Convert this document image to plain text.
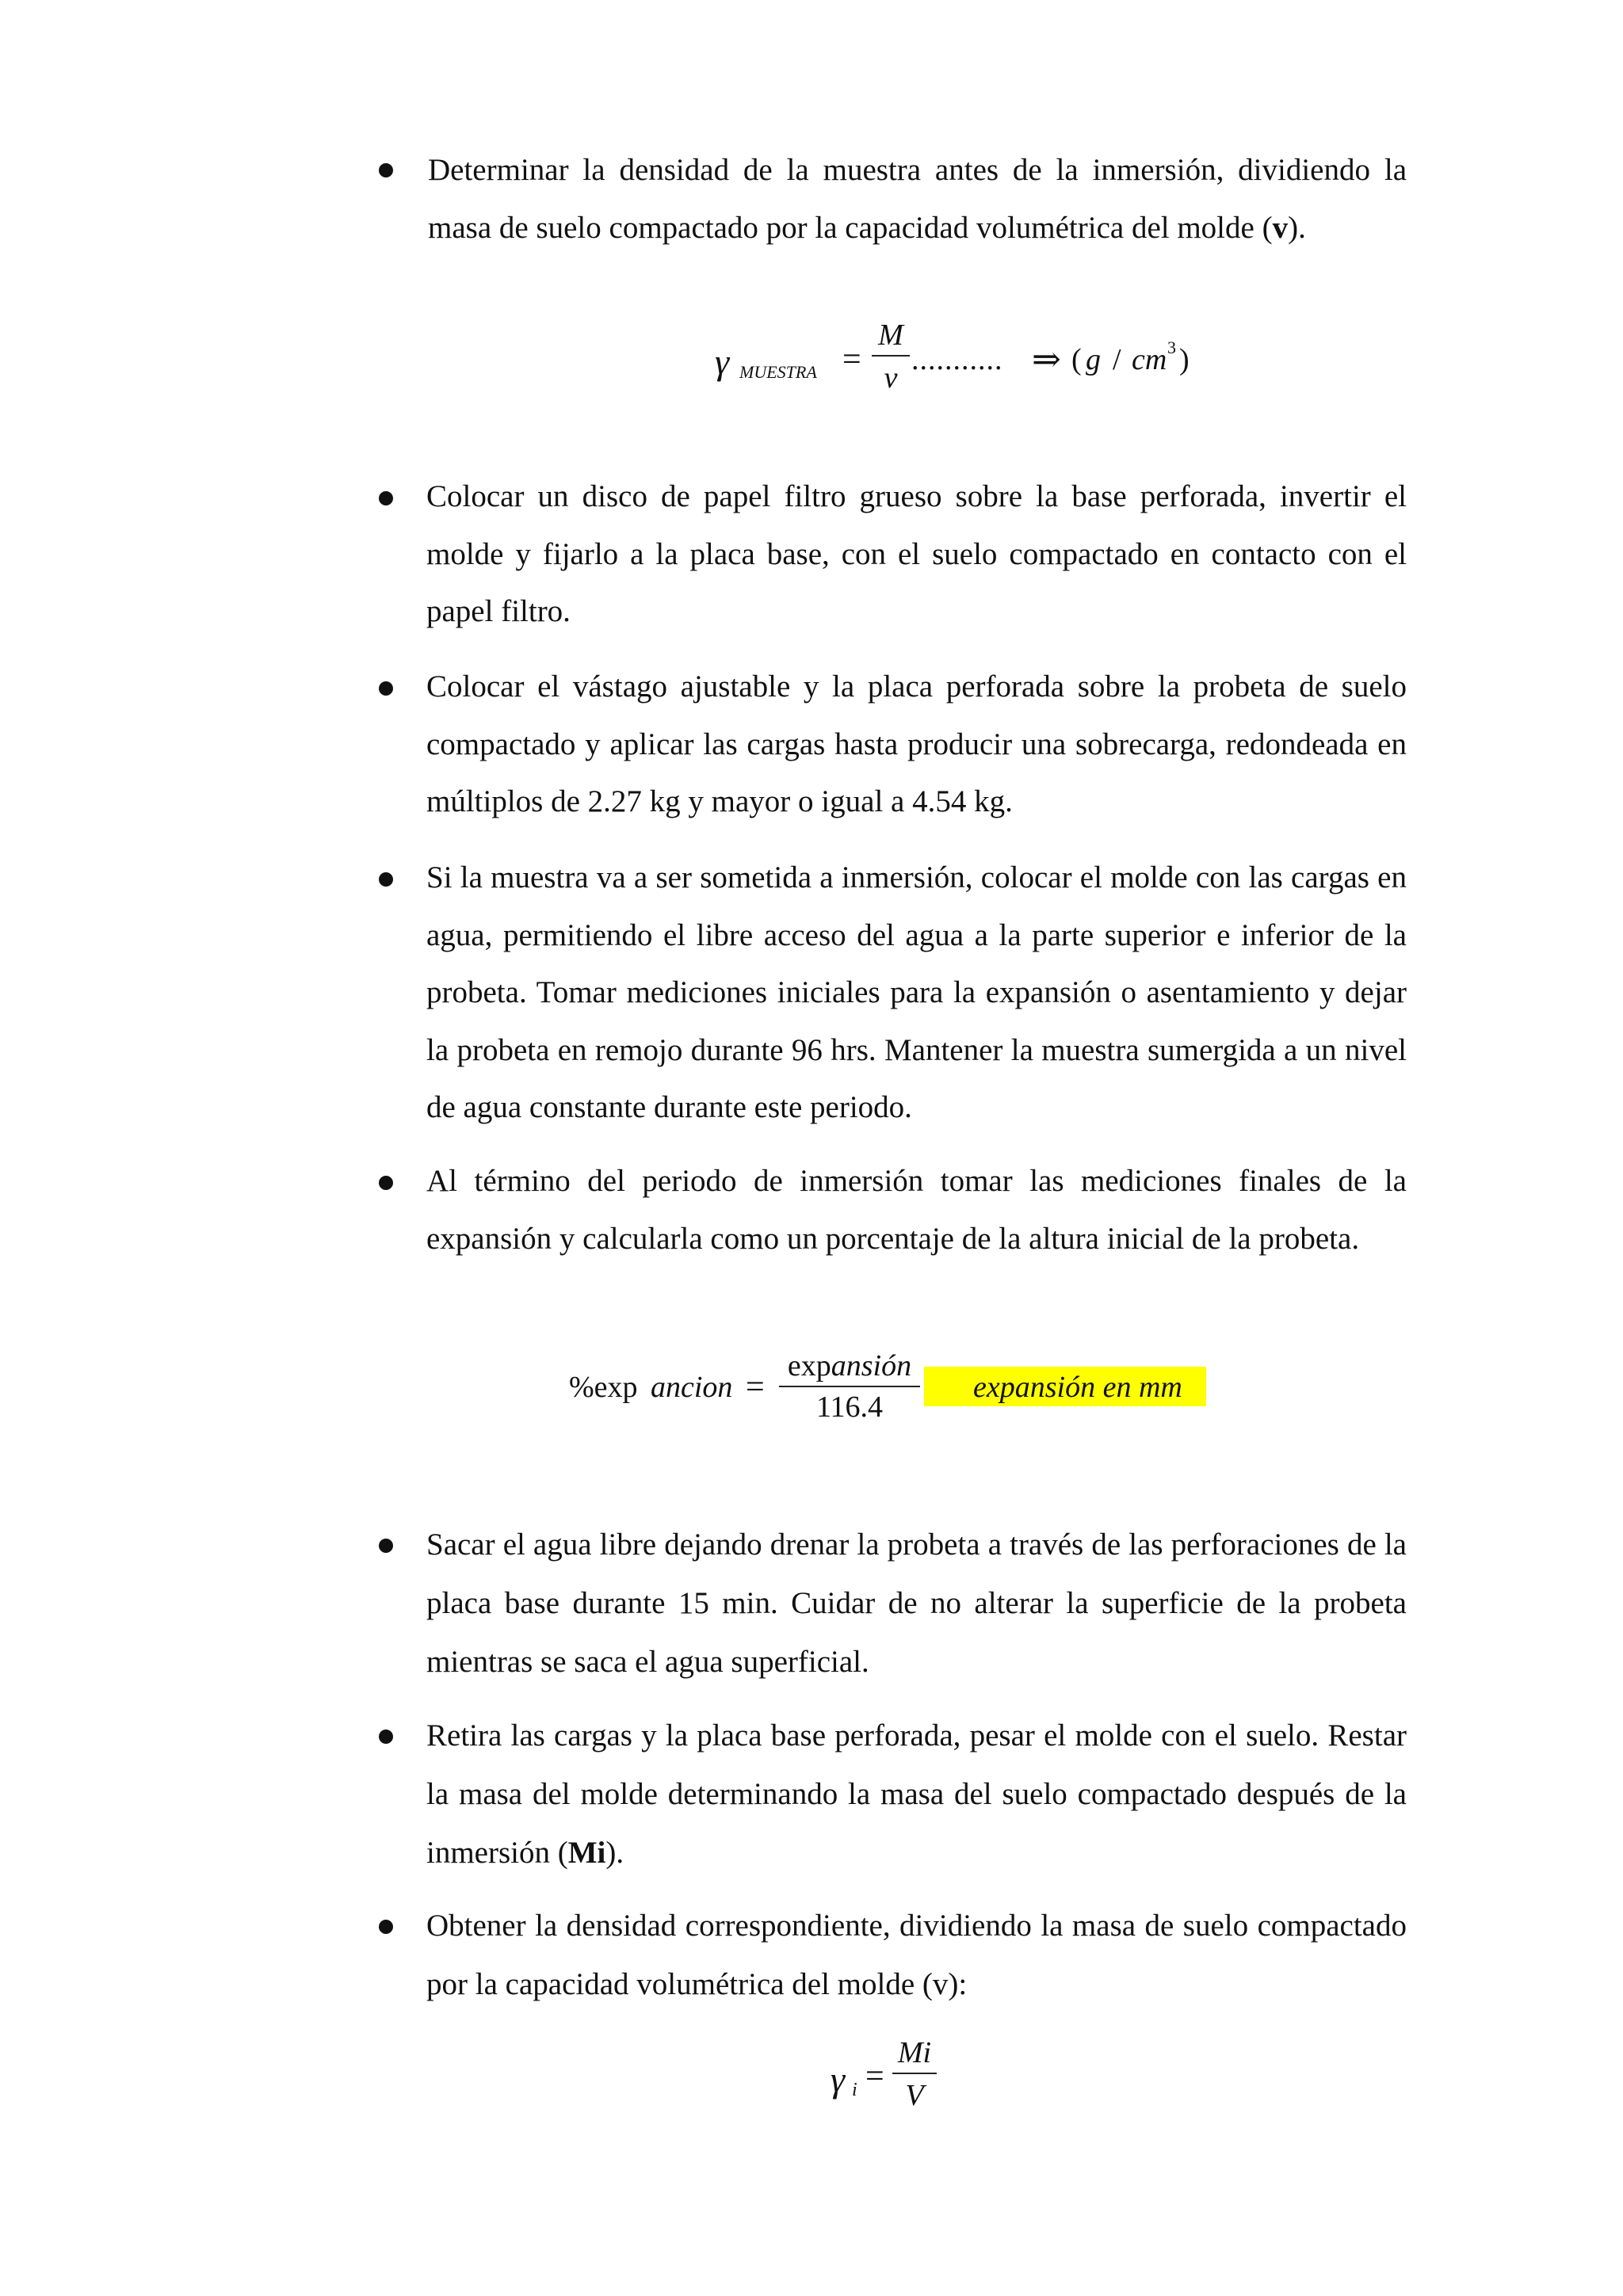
Determinar la densidad de la muestra antes de la inmersión, dividiendo la masa de suelo compactado por la capacidad volumétrica del molde (v).

γ MUESTRA =
M
v
........... ⇒ ( g / cm 3 )

Colocar un disco de papel filtro grueso sobre la base perforada, invertir el molde y fijarlo a la placa base, con el suelo compactado en contacto con el papel filtro.

Colocar el vástago ajustable y la placa perforada sobre la probeta de suelo compactado y aplicar las cargas hasta producir una sobrecarga, redondeada en múltiplos de 2.27 kg y mayor o igual a 4.54 kg.

Si la muestra va a ser sometida a inmersión, colocar el molde con las cargas en agua, permitiendo el libre acceso del agua a la parte superior e inferior de la probeta. Tomar mediciones iniciales para la expansión o asentamiento y dejar la probeta en remojo durante 96 hrs. Mantener la muestra sumergida a un nivel de agua constante durante este periodo.

Al término del periodo de inmersión tomar las mediciones finales de la expansión y calcularla como un porcentaje de la altura inicial de la probeta.

%exp ancion =
expansión
116.4
expansión en mm

Sacar el agua libre dejando drenar la probeta a través de las perforaciones de la placa base durante 15 min. Cuidar de no alterar la superficie de la probeta mientras se saca el agua superficial.

Retira las cargas y la placa base perforada, pesar el molde con el suelo. Restar la masa del molde determinando la masa del suelo compactado después de la inmersión (Mi).

Obtener la densidad correspondiente, dividiendo la masa de suelo compactado por la capacidad volumétrica del molde (v):

γ i =
Mi
V
